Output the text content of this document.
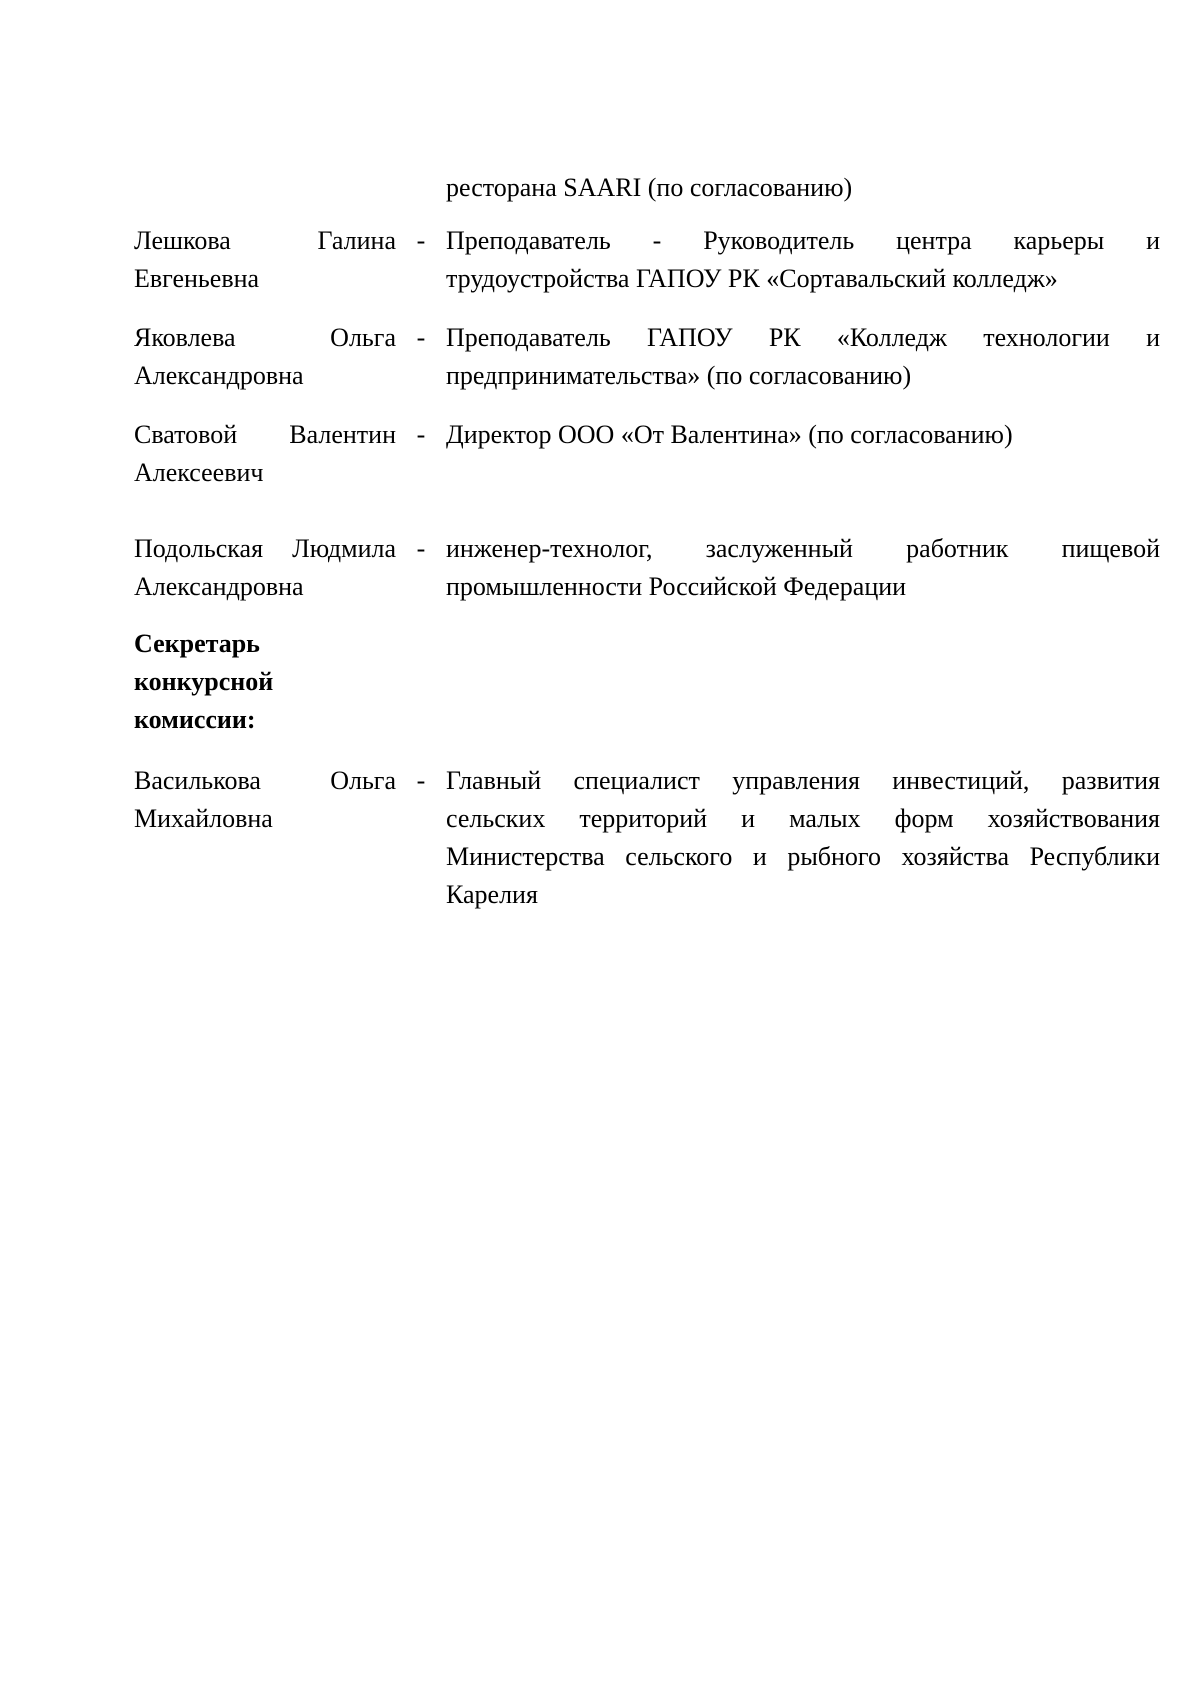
ресторана SAARI (по согласованию)
Лешкова Галина Евгеньевна
- Преподаватель - Руководитель центра карьеры и трудоустройства ГАПОУ РК «Сортавальский колледж»
Яковлева Ольга Александровна
- Преподаватель ГАПОУ РК «Колледж технологии и предпринимательства» (по согласованию)
Сватовой Валентин Алексеевич
- Директор ООО «От Валентина» (по согласованию)
Подольская Людмила Александровна
- инженер-технолог, заслуженный работник пищевой промышленности Российской Федерации
Секретарь конкурсной комиссии:
Василькова Ольга Михайловна
- Главный специалист управления инвестиций, развития сельских территорий и малых форм хозяйствования Министерства сельского и рыбного хозяйства Республики Карелия
